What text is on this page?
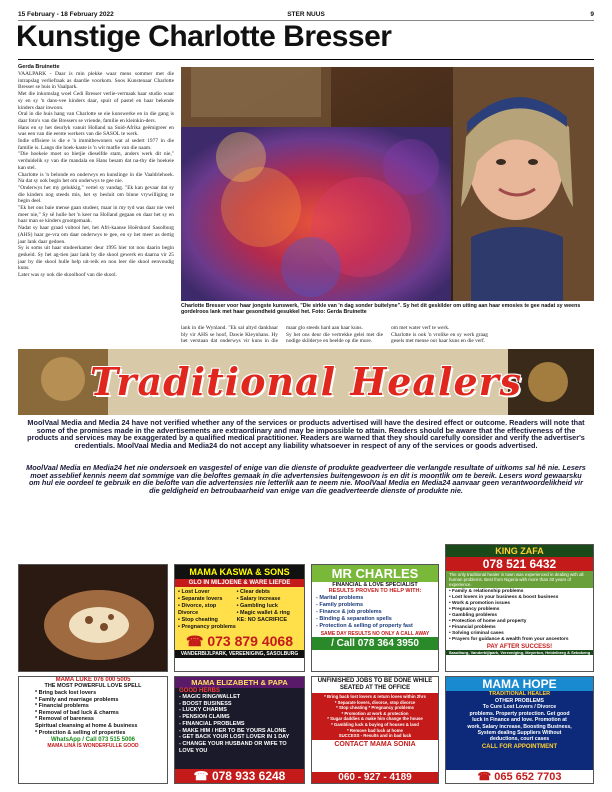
15 February - 18 February 2022	STER NUUS	9
Kunstige Charlotte Bresser
Gerda Bruinette

VAALPARK - Daar is min plekke waar mens sommer met die intrapslag verliefraak as daardie voorkom. Soos Kunstenaar Charlotte Bresser se huis in Vaalpark.

Met die inkomslag woel Cedi Bresser verlie-vermaak haar studio waar sy en sy 'n dans-vee kinders daar, spuit of pastel en haar bekende kinders daar inwoon.

Oral in die huis hang van Charlotte se eie kunswerke en in die gang is daar foto's van die Bressers se vriende, familie en kleinkin-ders.

Hans en sy het deurlyk vanuit Holland na Suid-Afrika geëmigreer en was een van die eerste werkers van die SASOL te werk.

Indie offisiere is die e 'n immitbewoners wat al sedert 1977 in die familie is. Langs die hoek-kaste is 'n wit matfie van die naam.

"Die hoekeie moet so bietjie dieselfde stam, anders werk dit nie," verduidelik sy van die mandala en Hans besam dat na-thy die hoekeie kan stel.

Charlotte is 'n belonde en onderwys en kunslinge in die Vaaldriehoek. Na dat sy ook begin het om onderwys te gee nie.

"Onderwys het my gelukkig," vertel sy vandag. "Ek kan gevaar dat sy die kinders nog steeds mis, het sy besluit om binne vrywilliging te begin deel.

"Ek het ons baie mense gaan studeer, maar in my tyd was daar nie veel meer nie," Sy sê hulle het 'n keer na Holland gegaan en daar het sy en haar man se kinders grootgemaak.

Nadat sy haar graad voltooi het, het Afri-kaanse Hoërskool Sasolburg (AHS) haar ge-vra om daar onderwys te gee, en sy het meer as dertig jaar lank daar gedoen.

Sy is soms uit haar studeerkamer deur 1995 hier tot nou daarin begin geskeid. Sy het ag-tien jaar lank by die skool gewerk en daarna vir 25 jaar by die skool hulle help uit-reik en nou leer die skool eenvoudig kuns.

Later was sy ook die skoolhoof van die skool.

Charlotte Bresser voor haar jongste kunswerk, "Die sirkle van 'n dag sonder buitelyne". Sy het dit geskilder om uiting aan haar emosies te gee nadat sy weens gordelroos lank met haar gesondheid gesukkel het. Foto: Gerda Bruinette

lank in die Wynland. "Ek sal altyd dankbaar bly vir AHS se hoof, Dawie Kleynhans. Hy het verstaan dat onderwys vir kuns in die

maar glo steeds hard aan haar kuns.

Sy het ons deur die vertrekke gelei met die nodige skilderye en beelde op die mure.

om met water verf te werk.

Charlotte is ook 'n vrolike en sy werk graag gesels met mense oor haar kuns en die verf.

Traditional Healers
MoolVaal Media and Media 24 have not verified whether any of the services or products advertised will have the desired effect or outcome. Readers will note that some of the promises made in the advertisements are extraordinary and may be impossible to attain. Readers should be aware that the effectiveness of the products and services may be exaggerated by a qualified medical practitioner. Readers are warned that they should carefully consider and verify the advertiser's credentials. MoolVaal Media and Media24 do not accept any liability whatsoever in respect of any of the services or goods advertised.
MoolVaal Media en Media24 het nie ondersoek en vasgestel of enige van die dienste of produkte geadverteer die verlangde resultate of uitkoms sal hê nie. Lesers moet asseblief kennis neem dat sommige van die beloftes gemaak in die advertensies buitengewoon is en dit is moontlik om te bereik. Lesers word gewaarsku om hul eie oordeel te gebruik en die belofte van die advertensies nie letterlik aan te neem nie. MoolVaal Media en Media24 aanvaar geen verantwoordelikheid vir die geldigheid en betroubaarheid van enige van die geadverteerde dienste of produkte nie.
MAMA KASWA & SONS
GLO IN MILJOENE & WARE LIEFDE
• Lost Lover
• Separate lovers
• Divorce, stop Divorce
• Stop cheating
• Pregnancy problems
• Clear debts
• Salary increase
• Gambling luck
• Magic wallet & ring
KE: NO SACRIFICE
☎ 073 879 4068
VANDERBIJLPARK, VEREENIGING, SASOLBURG
MR CHARLES
FINANCIAL & LOVE SPECIALIST
RESULTS PROVEN TO HELP WITH:
- Marital problems
- Family problems
- Finance & job problems
- Binding & separation spells
- Protection & selling of property fast
SAME DAY RESULTS NO ONLY A CALL AWAY
/ Call 078 364 3950
KING ZAFA
078 521 6432
The only traditional healer in town was experienced in dealing with all human problems. Best from Nigeria with more than 30 years of experience.
• Family & relationship problems
• Lost lovers in your business & boost business
• Work & promotion issues
• Pregnancy problems
• Gambling problems
• Protection of home and property
• Financial problems
• Solving criminal cases
• Prayers for guidance & wealth from your ancestors
PAY AFTER SUCCESS!
Sasolburg, Vanderbijlpark, Vereeniging, Meyerton, Heidelberg & Sebokeng
MAMA LUKE 076 000 5005
THE MOST POWERFUL LOVE SPELL
* Bring back lost lovers
* Family and marriage problems
* Financial problems
* Removal of bad luck & charms
* Removal of bareness
Spiritual cleansing at home & business
* Protection & selling of properties
WhatsApp / Call 073 515 5006
MAMA LINA IS WONDERFULLE GOOD
MAMA ELIZABETH & PAPA
GOOD HERBS
- MAGIC RING/WALLET
- BOOST BUSINESS
- LUCKY CHARMS
- PENSION CLAIMS
- FINANCIAL PROBLEMS
- MAKE HIM / HER TO BE YOURS ALONE
- GET BACK YOUR LOST LOVER IN 1 DAY
- CHANGE YOUR HUSBAND OR WIFE TO LOVE YOU
☎ 078 933 6248
UNFINISHED JOBS TO BE DONE WHILE SEATED AT THE OFFICE
* Bring back lost lovers & return loves within 2hrs
* Separate lovers, divorce, stop divorce
* Stop cheating * Pregnancy problems
* Promotion at work & protection
* Sugar daddies & make him change the house
* Gambling luck & buying of houses & land
* Remove bad luck at home
SUCCESS - Results and in bad luck
CONTACT MAMA SONIA
060 - 927 - 4189
MAMA HOPE
TRADITIONAL HEALER
OTHER PROBLEMS
To Cure Lost Lovers / Divorce
problems. Property protection. Get good
luck in Finance and love. Promotion at
work, Salary increase, Boosting Business,
System dealing Suppliers Without
deductions, court cases
CALL FOR APPOINTMENT
☎ 065 652 7703
